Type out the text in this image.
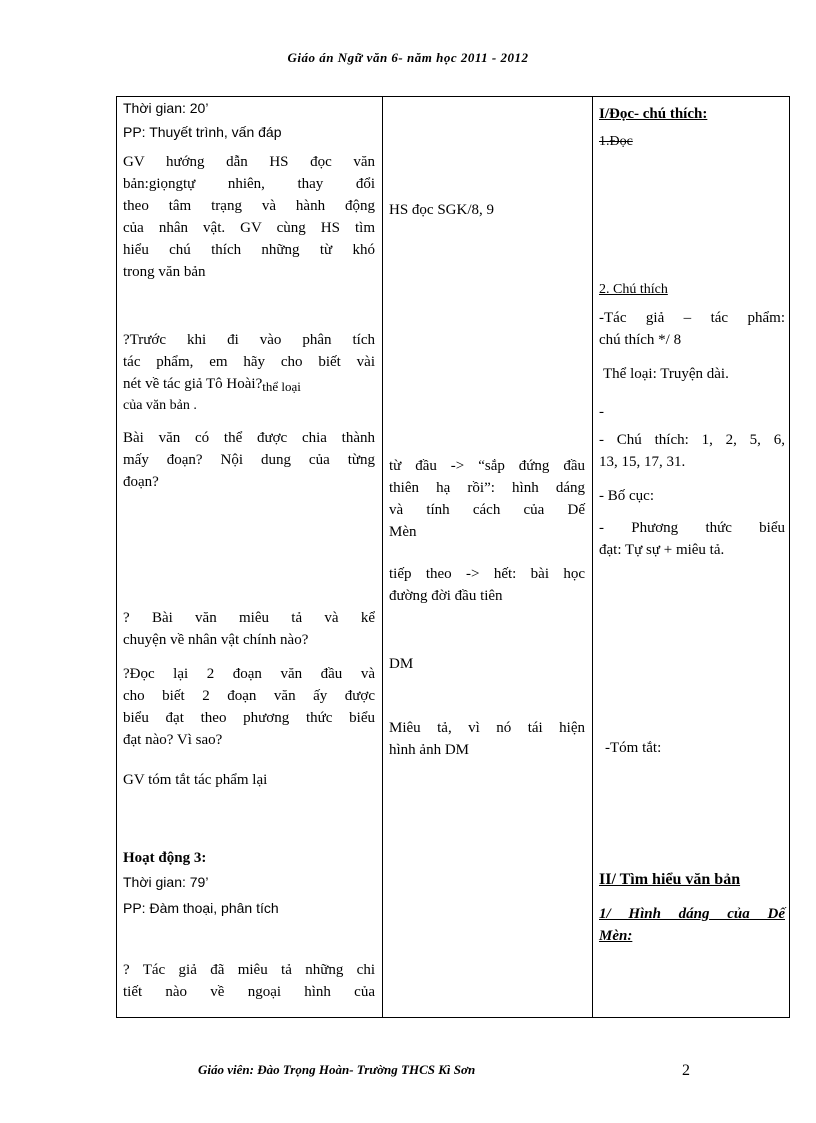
Giáo án Ngữ văn 6- năm học 2011 - 2012
Thời gian: 20’
PP: Thuyết trình, vấn đáp
GV hướng dẫn HS đọc văn
bản:giọngtự nhiên, thay đổi
theo tâm trạng và hành động
của nhân vật. GV cùng HS tìm
hiểu chú thích những từ khó
trong văn bản
?Trước khi đi vào phân tích
tác phẩm, em hãy cho biết vài
nét về tác giả Tô Hoài?thể loại
của văn bản .
Bài văn có thể được chia thành
mấy đoạn? Nội dung của từng
đoạn?
? Bài văn miêu tả và kể
chuyện về nhân vật chính nào?
?Đọc lại 2 đoạn văn đầu và
cho biết 2 đoạn văn ấy được
biểu đạt theo phương thức biểu
đạt nào? Vì sao?
GV tóm tắt tác phẩm lại
Hoạt động 3:
Thời gian: 79’
PP: Đàm thoại, phân tích
? Tác giả đã miêu tả những chi
tiết nào về ngoại hình của
HS đọc SGK/8, 9
từ đầu -> “sắp đứng đầu
thiên hạ rồi”: hình dáng
và tính cách của Dế
Mèn
tiếp theo -> hết: bài học
đường đời đầu tiên
DM
Miêu tả, vì nó tái hiện
hình ảnh DM
I/Đọc- chú thích:
1.Đọc
2. Chú thích
-Tác giả – tác phẩm:
chú thích */ 8
Thể loại: Truyện dài.
-
- Chú thích: 1, 2, 5, 6,
13, 15, 17, 31.
- Bố cục:
- Phương thức biểu
đạt: Tự sự + miêu tả.
-Tóm tắt:
II/ Tìm hiểu văn bản
1/ Hình dáng của Dế
Mèn:
Giáo viên: Đào Trọng Hoàn- Trường THCS Kì Sơn	2
